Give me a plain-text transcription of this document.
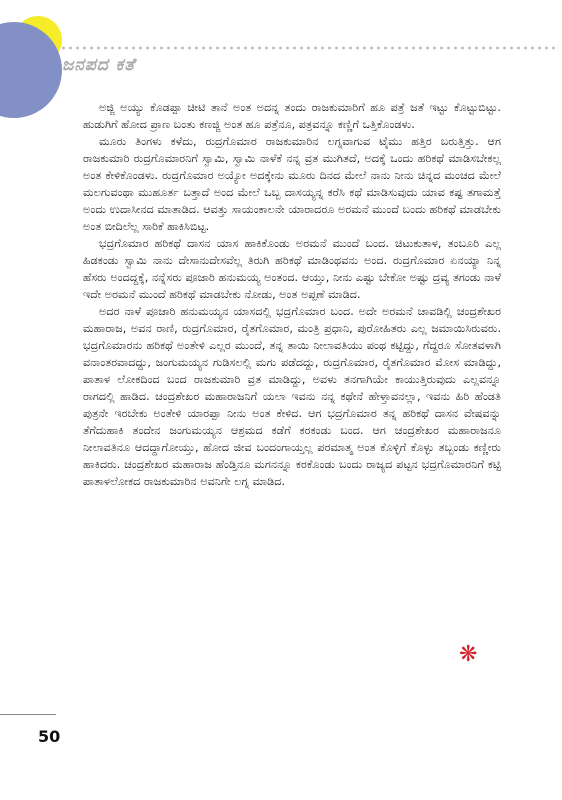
ಜನಪದ ಕತೆ

ಅಜ್ಜಿ ಅಯ್ಯು ಕೊಡಪ್ಪಾ ಚೀಟಿ ತಾನೆ ಅಂತ ಅದನ್ನ ತಂದು ರಾಜಕುಮಾರಿಗೆ ಹೂ ಪತ್ರೆ ಜತೆ ಇಟ್ಟು ಕೊಟ್ಟುಬಿಟ್ಟು. ಹುಡುಗಿಗೆ ಹೋದ ಪ್ರಾಣ ಬಂತು ಕಣಜ್ಜಿ ಅಂತ ಹೂ ಪತ್ರೆನೂ, ಪತ್ರವನ್ನೂ ಕಣ್ಣಿಗೆ ಒತ್ತಿಕೊಂಡಳು.

ಮೂರು ತಿಂಗಳು ಕಳೆದು, ರುದ್ರಗೊಮಾರ ರಾಜಕುಮಾರಿನ ಲಗ್ನವಾಗುವ ಟೈಮು ಹತ್ತಿರ ಬರುತ್ತಿತ್ತು. ಆಗ ರಾಜಕುಮಾರಿ ರುದ್ರಗೊಮಾರನಿಗೆ ಸ್ವಾಮಿ, ಸ್ವಾಮಿ ನಾಳೆಕೆ ನನ್ನ ವ್ರತ ಮುಗಿತದೆ, ಅದಕ್ಕೆ ಒಂದು ಹರಿಕಥೆ ಮಾಡಿಸಬೇಕಲ್ಲ ಅಂತ ಕೇಳಿಕೊಂಡಳು. ರುದ್ರಗೊಮಾರ ಅಯ್ಯೋ ಅದಕ್ಕೇನು ಮೂರು ದಿನದ ಮೇಲೆ ನಾನು ನೀನು ಚಿನ್ನದ ಮಂಚದ ಮೇಲೆ ಮಲಗುವಂಥಾ ಮುಹೂರ್ತ ಬತ್ತಾದೆ ಅಂದ ಮೇಲೆ ಒಬ್ಬ ದಾಸಯ್ಯನ್ನ ಕರೆಸಿ ಕಥೆ ಮಾಡಿಸುವುದು ಯಾವ ಕಷ್ಟ ತಗಾಮತ್ತೆ ಅಂದು ಉದಾಸೀನದ ಮಾತಾಡಿದ. ಆವತ್ತು ಸಾಯಂಕಾಲನೇ ಯಾರಾದರೂ ಅರಮನೆ ಮುಂದೆ ಬಂದು ಹರಿಕಥೆ ಮಾಡಬೇಕು ಅಂತ ಬೀದಿಲೆಲ್ಲ ಸಾರಿಕೆ ಹಾಕಿಸಿಬಿಟ್ಟ.

ಭದ್ರಗೊಮಾರ ಹರಿಕಥೆ ದಾಸನ ಯಾಸ ಹಾಕಿಕೊಂಡು ಅರಮನೆ ಮುಂದೆ ಬಂದ. ಚಿಟುಕುತಾಳ, ತಂಬೂರಿ ಎಲ್ಲ ಹಿಡಕಂಡು ಸ್ವಾಮಿ ನಾನು ದೇಸಾನುದೇಸವೆಲ್ಲ ತಿರುಗಿ ಹರಿಕಥೆ ಮಾಡಿಂಥವನು ಅಂದ. ರುದ್ರಗೊಮಾರ ಏನಯ್ಯಾ ನಿನ್ನ ಹೆಸರು ಅಂದದ್ದಕ್ಕೆ, ನನ್ನೆಸರು ಪೂಜಾರಿ ಹನುಮಯ್ಯ ಅಂತಂದ. ಆಯ್ತು, ನೀನು ಎಷ್ಟು ಬೇಕೋ ಅಷ್ಟು ದ್ರವ್ಯ ತಗಂಡು ನಾಳೆ ಇದೇ ಅರಮನೆ ಮುಂದೆ ಹರಿಕಥೆ ಮಾಡಬೇಕು ನೋಡು, ಅಂತ ಅಪ್ಪಣೆ ಮಾಡಿದ.

ಅದರ ನಾಳೆ ಪೂಜಾರಿ ಹನುಮಯ್ಯನ ಯಾಸದಲ್ಲಿ ಭದ್ರಗೊಮಾರ ಬಂದ. ಅದೇ ಅರಮನೆ ಚಾವಡಿಲ್ಲಿ ಚಂದ್ರಶೇಖರ ಮಹಾರಾಜ, ಅವನ ರಾಣಿ, ರುದ್ರಗೊಮಾರ, ರೈತಗೊಮಾರ, ಮಂತ್ರಿ ಪ್ರಧಾನಿ, ಪುರೋಹಿತರು ಎಲ್ಲ ಜಮಾಯಿಸಿರುವರು. ಭದ್ರಗೊಮಾರನು ಹರಿಕಥೆ ಅಂತೇಳಿ ಎಲ್ಲರ ಮುಂದೆ, ತನ್ನ ತಾಯಿ ನೀಲಾವತಿಯು ಪಂಥ ಕಟ್ಟಿದ್ದು, ಗೆದ್ದರೂ ಸೋತವಳಾಗಿ ವನಾಂತರವಾದದ್ದು, ಜಂಗುಮಯ್ಯನ ಗುಡಿಸಲಲ್ಲಿ ಮಗು ಪಡೆದದ್ದು, ರುದ್ರಗೊಮಾರ, ರೈತಗೊಮಾರ ಮೋಸ ಮಾಡಿದ್ದು, ಪಾತಾಳ ಲೋಕದಿಂದ ಬಂದ ರಾಜಕುಮಾರಿ ವ್ರತ ಮಾಡಿದ್ದು, ಅವಳು ತನಗಾಗಿಯೇ ಕಾಯುತ್ತಿರುವುದು ಎಲ್ಲವನ್ನೂ ರಾಗದಲ್ಲಿ ಹಾಡಿದ. ಚಂದ್ರಶೇಖರ ಮಹಾರಾಜನಿಗೆ ಯಲಾ ಇವನು ನನ್ನ ಕಥೇನೆ ಹೇಳ್ತಾವನಲ್ಲಾ, ಇವನು ಹಿರಿ ಹೆಂಡತಿ ಪುತ್ರನೇ ಇರಬೇಕು ಅಂತೇಳಿ ಯಾರಪ್ಪಾ ನೀನು ಅಂತ ಕೇಳಿದ. ಆಗ ಭದ್ರಗೊಮಾರ ತನ್ನ ಹರಿಕಥೆ ದಾಸನ ವೇಷವನ್ನು ತೆಗೆದುಹಾಕಿ ತಂದೇನ ಜಂಗುಮಯ್ಯನ ಆಶ್ರಮದ ಕಡೆಗೆ ಕರಕಂಡು ಬಂದ. ಆಗ ಚಂದ್ರಶೇಖರ ಮಹಾರಾಜನೂ ನೀಲಾವತಿನೂ ಆದದ್ದಾಗೋಯ್ತು, ಹೋದ ಜೀವ ಬಂದಂಗಾಯ್ತಲ್ಲ ಪರಮಾತ್ಮ ಅಂತ ಕೊಳ್ಳಿಗೆ ಕೊಳ್ಳು ತಬ್ಬಂಡು ಕಣ್ಣೀರು ಹಾಕಿದರು. ಚಂದ್ರಶೇಖರ ಮಹಾರಾಜ ಹೆಂಡ್ತಿನೂ ಮಗನನ್ನೂ ಕರಕೊಂಡು ಬಂದು ರಾಜ್ಯದ ಪಟ್ಟನ ಭದ್ರಗೊಮಾರನಿಗೆ ಕಟ್ಟಿ ಪಾತಾಳಲೋಕದ ರಾಜಕುಮಾರಿನ ಅವನಿಗೇ ಲಗ್ನ ಮಾಡಿದ.

❋
50
